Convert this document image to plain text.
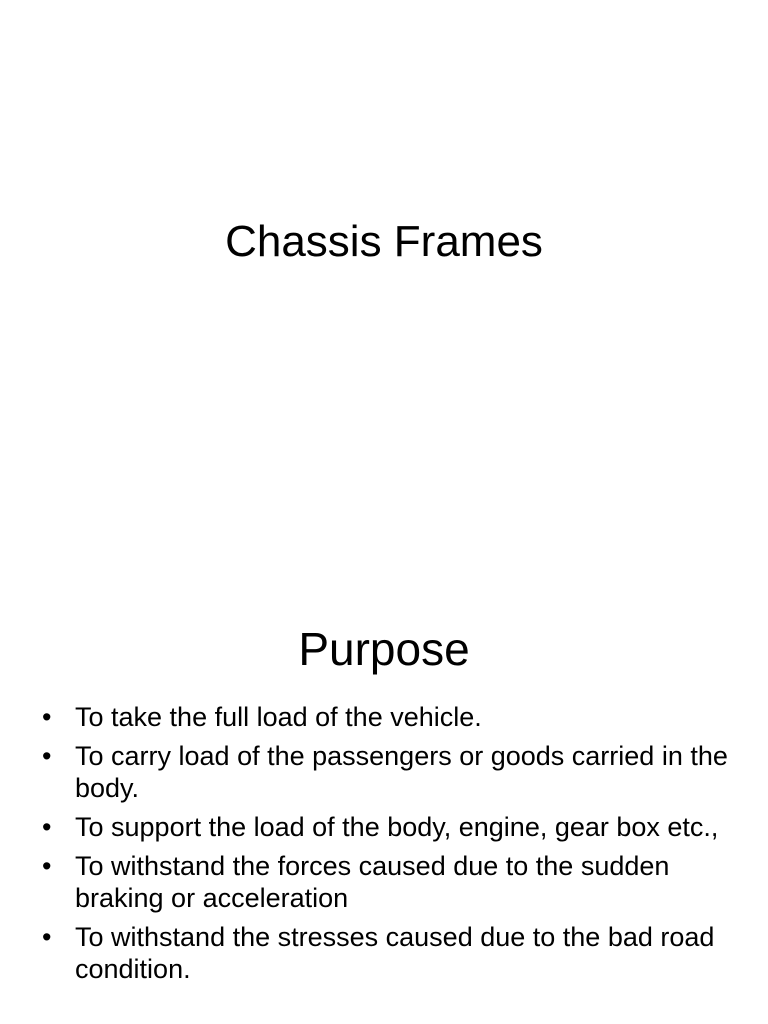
Chassis Frames
Purpose
• To take the full load of the vehicle.
• To carry load of the passengers or goods carried in the body.
• To support the load of the body, engine, gear box etc.,
• To withstand the forces caused due to the sudden braking or acceleration
• To withstand the stresses caused due to the bad road condition.
